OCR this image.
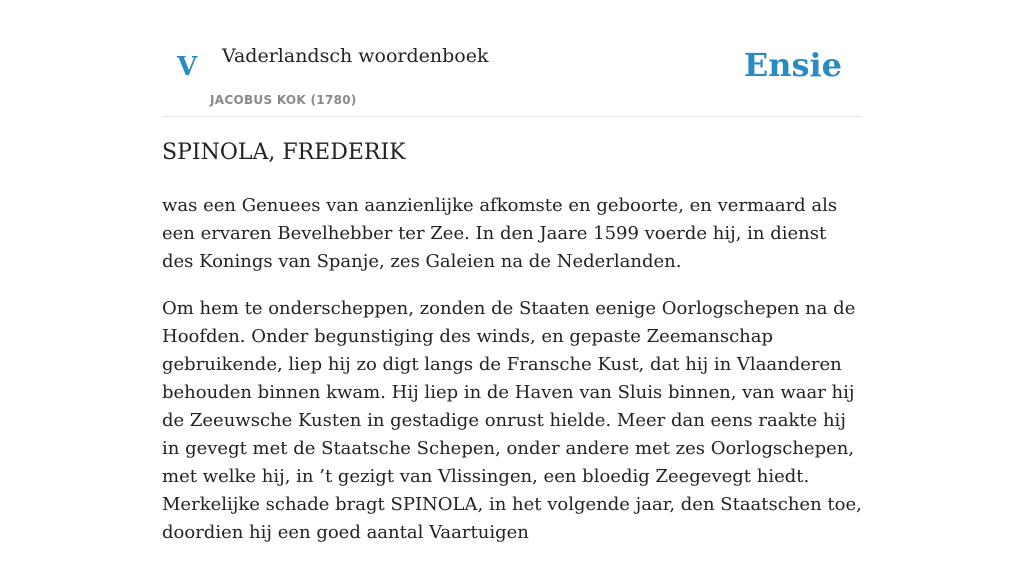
V Vaderlandsch woordenboek
JACOBUS KOK (1780)
Ensie
SPINOLA, FREDERIK

was een Genuees van aanzienlijke afkomste en geboorte, en vermaard als een ervaren Bevelhebber ter Zee. In den Jaare 1599 voerde hij, in dienst des Konings van Spanje, zes Galeien na de Nederlanden.

Om hem te onderscheppen, zonden de Staaten eenige Oorlogschepen na de Hoofden. Onder begunstiging des winds, en gepaste Zeemanschap gebruikende, liep hij zo digt langs de Fransche Kust, dat hij in Vlaanderen behouden binnen kwam. Hij liep in de Haven van Sluis binnen, van waar hij de Zeeuwsche Kusten in gestadige onrust hielde. Meer dan eens raakte hij in gevegt met de Staatsche Schepen, onder andere met zes Oorlogschepen, met welke hij, in ’t gezigt van Vlissingen, een bloedig Zeegevegt hiedt. Merkelijke schade bragt SPINOLA, in het volgende jaar, den Staatschen toe, doordien hij een goed aantal Vaartuigen
